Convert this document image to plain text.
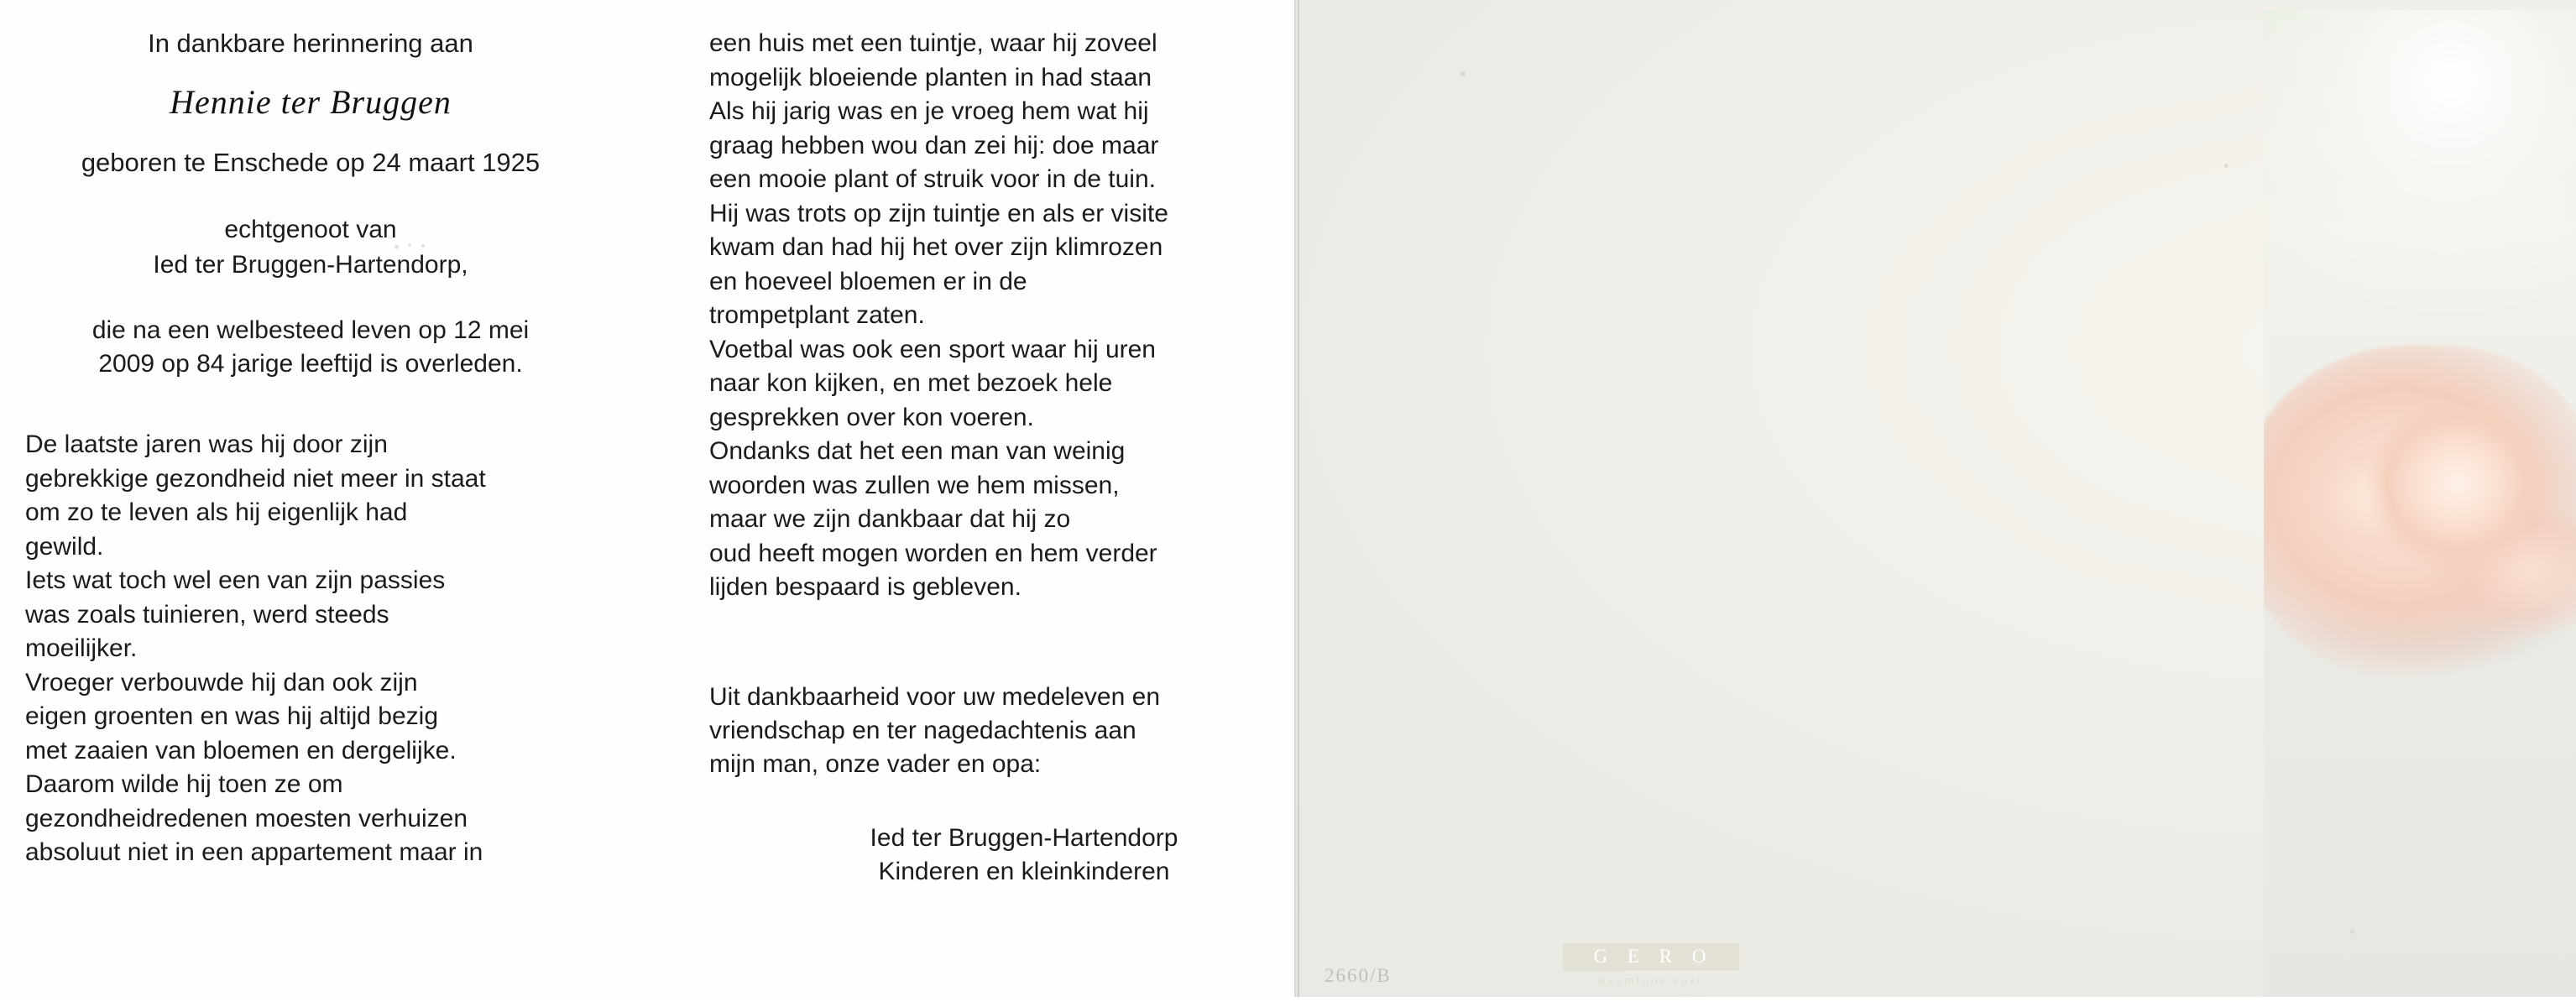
In dankbare herinnering aan

Hennie ter Bruggen

geboren te Enschede op 24 maart 1925

echtgenoot van

Ied ter Bruggen-Hartendorp,

die na een welbesteed leven op 12 mei
2009 op 84 jarige leeftijd is overleden.

De laatste jaren was hij door zijn
gebrekkige gezondheid niet meer in staat
om zo te leven als hij eigenlijk had
gewild.
Iets wat toch wel een van zijn passies
was zoals tuinieren, werd steeds
moeilijker.
Vroeger verbouwde hij dan ook zijn
eigen groenten en was hij altijd bezig
met zaaien van bloemen en dergelijke.
Daarom wilde hij toen ze om
gezondheidredenen moesten verhuizen
absoluut niet in een appartement maar in

een huis met een tuintje, waar hij zoveel
mogelijk bloeiende planten in had staan
Als hij jarig was en je vroeg hem wat hij
graag hebben wou dan zei hij: doe maar
een mooie plant of struik voor in de tuin.
Hij was trots op zijn tuintje en als er visite
kwam dan had hij het over zijn klimrozen
en hoeveel bloemen er in de
trompetplant zaten.
Voetbal was ook een sport waar hij uren
naar kon kijken, en met bezoek hele
gesprekken over kon voeren.
Ondanks dat het een man van weinig
woorden was zullen we hem missen,
maar we zijn dankbaar dat hij zo
oud heeft mogen worden en hem verder
lijden bespaard is gebleven.

Uit dankbaarheid voor uw medeleven en
vriendschap en ter nagedachtenis aan
mijn man, onze vader en opa:

Ied ter Bruggen-Hartendorp
Kinderen en kleinkinderen

2660/B
G E R O
naamloos vast
